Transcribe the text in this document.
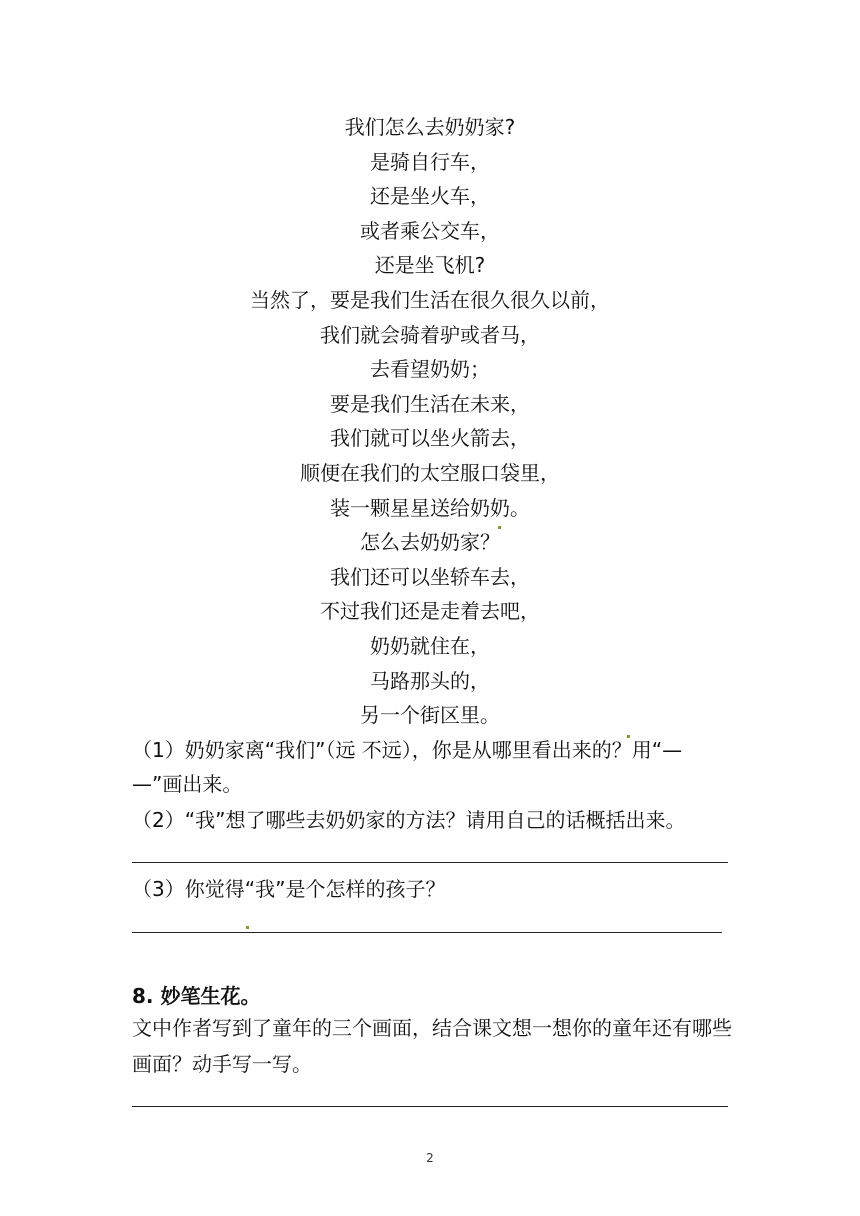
我们怎么去奶奶家?
是骑自行车，
还是坐火车，
或者乘公交车，
还是坐飞机?
当然了，要是我们生活在很久很久以前，
我们就会骑着驴或者马，
去看望奶奶；
要是我们生活在未来，
我们就可以坐火箭去，
顺便在我们的太空服口袋里，
装一颗星星送给奶奶。
怎么去奶奶家？
我们还可以坐轿车去，
不过我们还是走着去吧，
奶奶就住在，
马路那头的，
另一个街区里。
（1）奶奶家离“我们”（远 不远），你是从哪里看出来的？用“—
—”画出来。
（2）“我”想了哪些去奶奶家的方法？请用自己的话概括出来。
（3）你觉得“我”是个怎样的孩子？
8. 妙笔生花。
文中作者写到了童年的三个画面，结合课文想一想你的童年还有哪些画面？动手写一写。
2
